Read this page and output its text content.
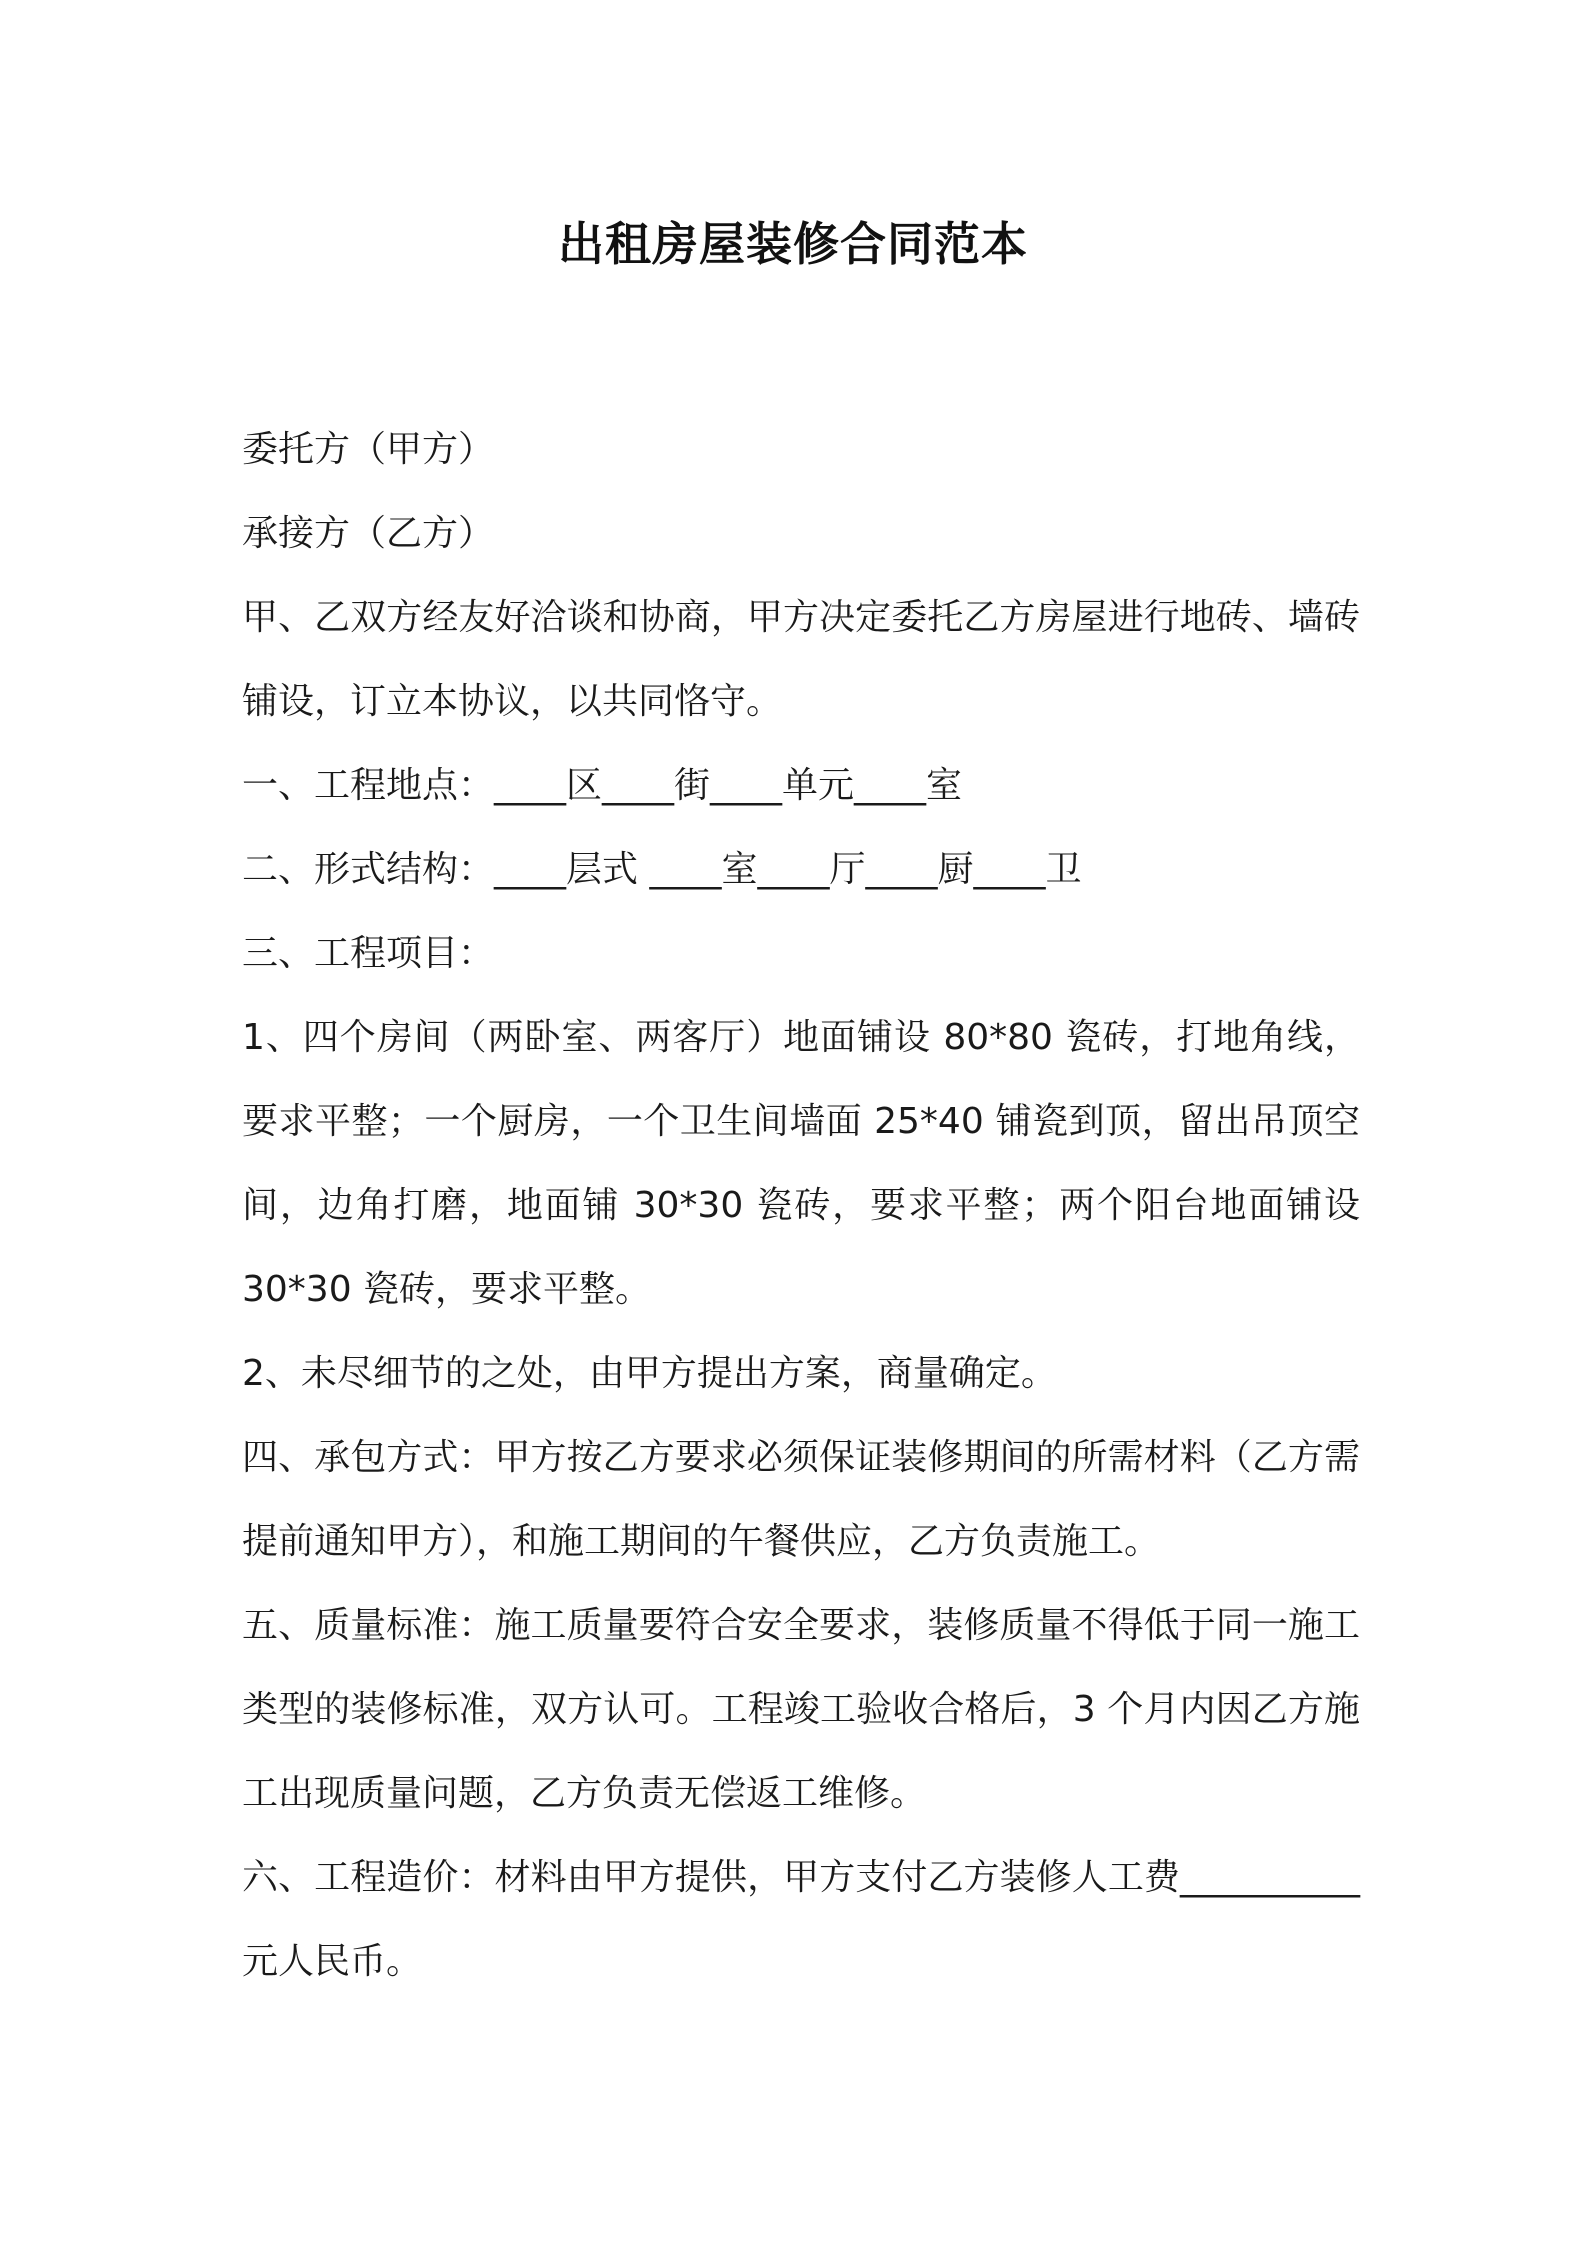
出租房屋装修合同范本

委托方（甲方）

承接方（乙方）

甲、乙双方经友好洽谈和协商，甲方决定委托乙方房屋进行地砖、墙砖铺设，订立本协议，以共同恪守。

一、工程地点：____区____街____单元____室

二、形式结构：____层式 ____室____厅____厨____卫

三、工程项目：

1、四个房间（两卧室、两客厅）地面铺设 80*80 瓷砖，打地角线，要求平整；一个厨房，一个卫生间墙面 25*40 铺瓷到顶，留出吊顶空间，边角打磨，地面铺 30*30 瓷砖，要求平整；两个阳台地面铺设 30*30 瓷砖，要求平整。

2、未尽细节的之处，由甲方提出方案，商量确定。

四、承包方式：甲方按乙方要求必须保证装修期间的所需材料（乙方需提前通知甲方），和施工期间的午餐供应，乙方负责施工。

五、质量标准：施工质量要符合安全要求，装修质量不得低于同一施工类型的装修标准，双方认可。工程竣工验收合格后，3 个月内因乙方施工出现质量问题，乙方负责无偿返工维修。

六、工程造价：材料由甲方提供，甲方支付乙方装修人工费__________元人民币。
